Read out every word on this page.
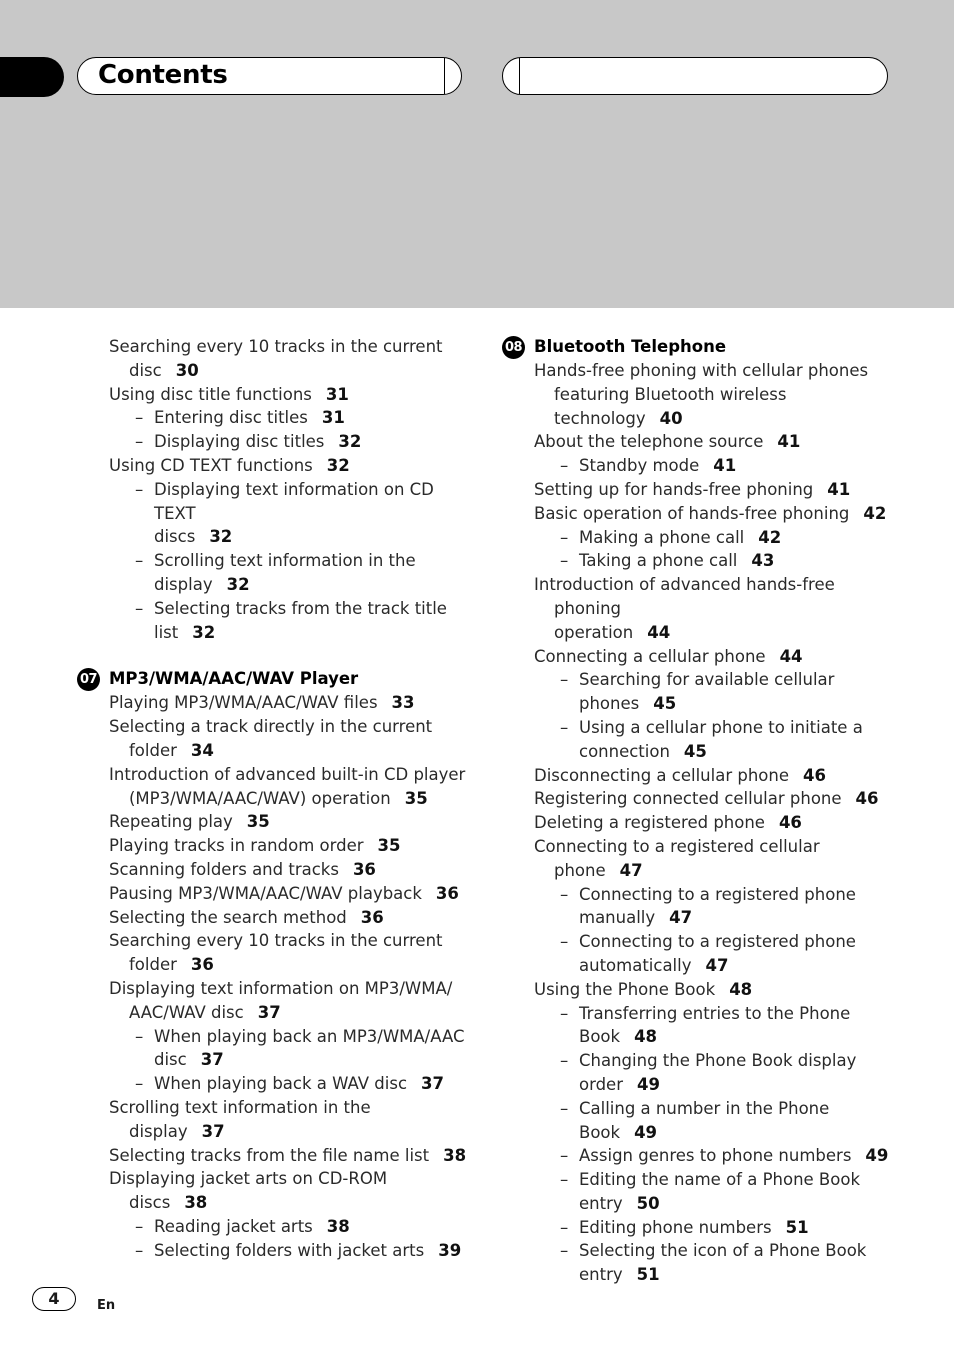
Contents
Searching every 10 tracks in the current
disc 30
Using disc title functions 31
– Entering disc titles 31
– Displaying disc titles 32
Using CD TEXT functions 32
– Displaying text information on CD TEXT
discs 32
– Scrolling text information in the
display 32
– Selecting tracks from the track title
list 32
07 MP3/WMA/AAC/WAV Player
Playing MP3/WMA/AAC/WAV files 33
Selecting a track directly in the current
folder 34
Introduction of advanced built-in CD player
(MP3/WMA/AAC/WAV) operation 35
Repeating play 35
Playing tracks in random order 35
Scanning folders and tracks 36
Pausing MP3/WMA/AAC/WAV playback 36
Selecting the search method 36
Searching every 10 tracks in the current
folder 36
Displaying text information on MP3/WMA/
AAC/WAV disc 37
– When playing back an MP3/WMA/AAC
disc 37
– When playing back a WAV disc 37
Scrolling text information in the display 37
Selecting tracks from the file name list 38
Displaying jacket arts on CD-ROM discs 38
– Reading jacket arts 38
– Selecting folders with jacket arts 39
08 Bluetooth Telephone
Hands-free phoning with cellular phones
featuring Bluetooth wireless
technology 40
About the telephone source 41
– Standby mode 41
Setting up for hands-free phoning 41
Basic operation of hands-free phoning 42
– Making a phone call 42
– Taking a phone call 43
Introduction of advanced hands-free phoning
operation 44
Connecting a cellular phone 44
– Searching for available cellular
phones 45
– Using a cellular phone to initiate a
connection 45
Disconnecting a cellular phone 46
Registering connected cellular phone 46
Deleting a registered phone 46
Connecting to a registered cellular
phone 47
– Connecting to a registered phone
manually 47
– Connecting to a registered phone
automatically 47
Using the Phone Book 48
– Transferring entries to the Phone
Book 48
– Changing the Phone Book display
order 49
– Calling a number in the Phone
Book 49
– Assign genres to phone numbers 49
– Editing the name of a Phone Book
entry 50
– Editing phone numbers 51
– Selecting the icon of a Phone Book
entry 51
4	En
